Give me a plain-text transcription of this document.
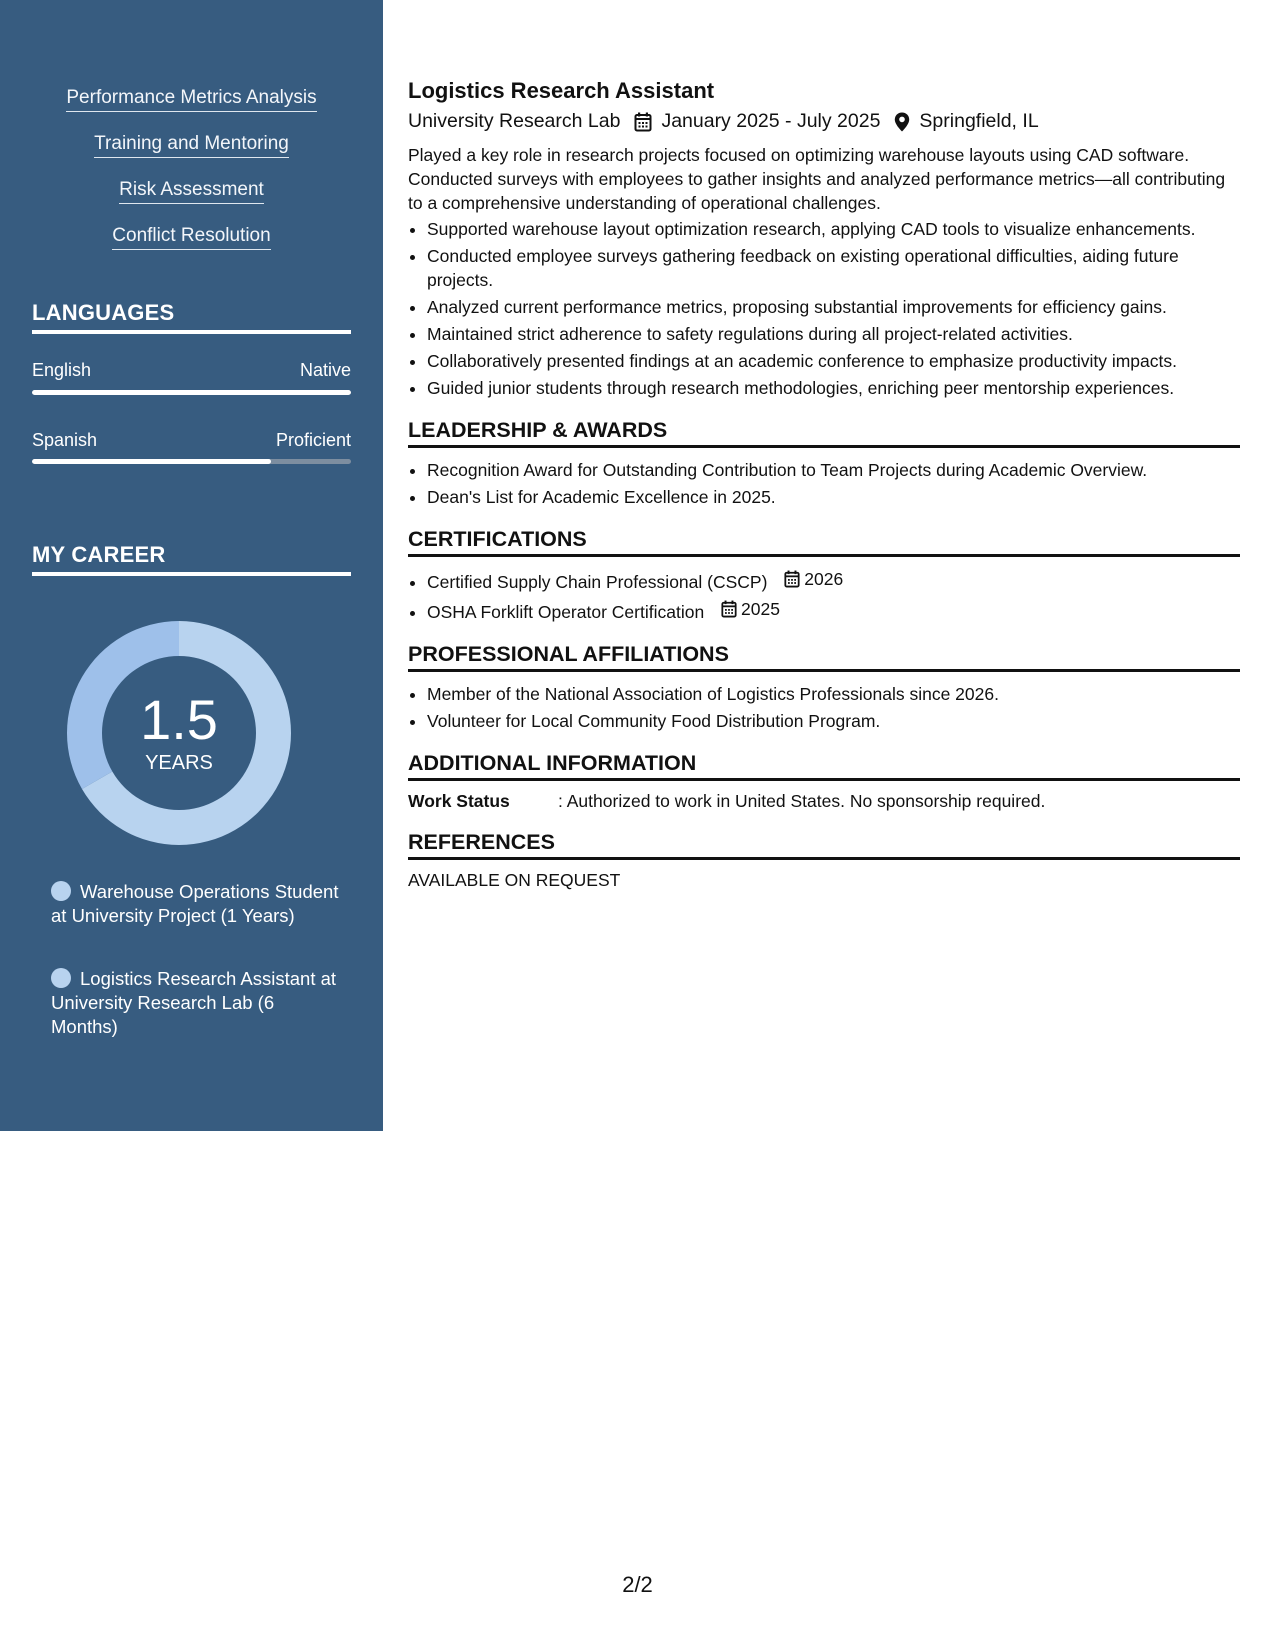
Performance Metrics Analysis
Training and Mentoring
Risk Assessment
Conflict Resolution
LANGUAGES
English	Native
Spanish	Proficient
MY CAREER
1.5
YEARS
Warehouse Operations Student at University Project (1 Years)
Logistics Research Assistant at University Research Lab (6 Months)
Logistics Research Assistant
University Research Lab January 2025 - July 2025 Springfield, IL

Played a key role in research projects focused on optimizing warehouse layouts using CAD software. Conducted surveys with employees to gather insights and analyzed performance metrics—all contributing to a comprehensive understanding of operational challenges.

• Supported warehouse layout optimization research, applying CAD tools to visualize enhancements.
• Conducted employee surveys gathering feedback on existing operational difficulties, aiding future projects.
• Analyzed current performance metrics, proposing substantial improvements for efficiency gains.
• Maintained strict adherence to safety regulations during all project-related activities.
• Collaboratively presented findings at an academic conference to emphasize productivity impacts.
• Guided junior students through research methodologies, enriching peer mentorship experiences.
LEADERSHIP & AWARDS
• Recognition Award for Outstanding Contribution to Team Projects during Academic Overview.
• Dean's List for Academic Excellence in 2025.
CERTIFICATIONS
• Certified Supply Chain Professional (CSCP) 2026
• OSHA Forklift Operator Certification 2025
PROFESSIONAL AFFILIATIONS
• Member of the National Association of Logistics Professionals since 2026.
• Volunteer for Local Community Food Distribution Program.
ADDITIONAL INFORMATION
Work Status	: Authorized to work in United States. No sponsorship required.
REFERENCES
AVAILABLE ON REQUEST
2/2
